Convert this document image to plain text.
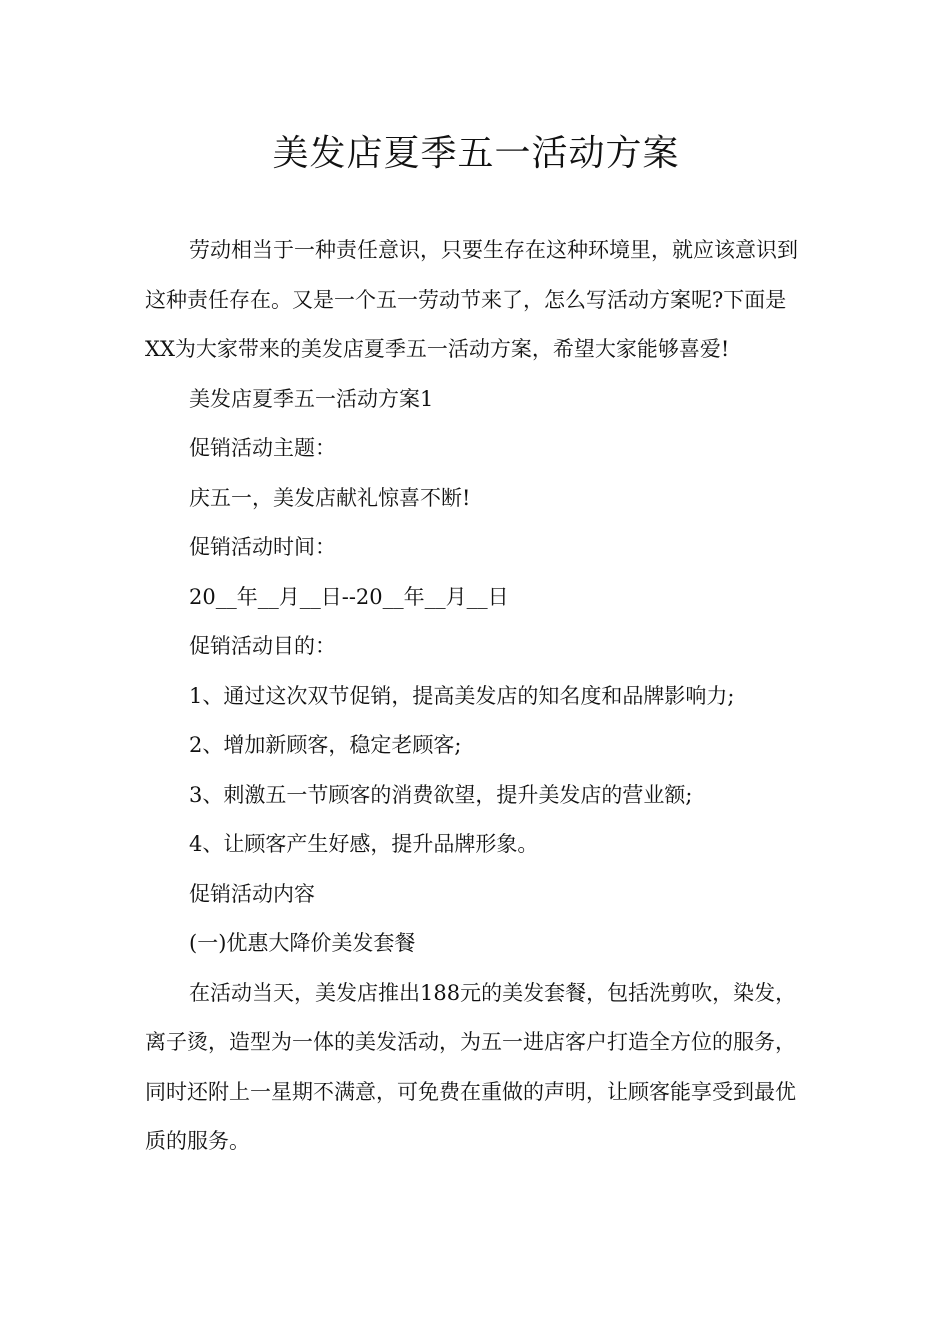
美发店夏季五一活动方案

劳动相当于一种责任意识，只要生存在这种环境里，就应该意识到这种责任存在。又是一个五一劳动节来了，怎么写活动方案呢?下面是XX为大家带来的美发店夏季五一活动方案，希望大家能够喜爱!

美发店夏季五一活动方案1

促销活动主题：

庆五一，美发店献礼惊喜不断!

促销活动时间：

20__年__月__日--20__年__月__日

促销活动目的：

1、通过这次双节促销，提高美发店的知名度和品牌影响力;

2、增加新顾客，稳定老顾客;

3、刺激五一节顾客的消费欲望，提升美发店的营业额;

4、让顾客产生好感，提升品牌形象。

促销活动内容

(一)优惠大降价美发套餐

在活动当天，美发店推出188元的美发套餐，包括洗剪吹，染发，离子烫，造型为一体的美发活动，为五一进店客户打造全方位的服务，同时还附上一星期不满意，可免费在重做的声明，让顾客能享受到最优质的服务。
